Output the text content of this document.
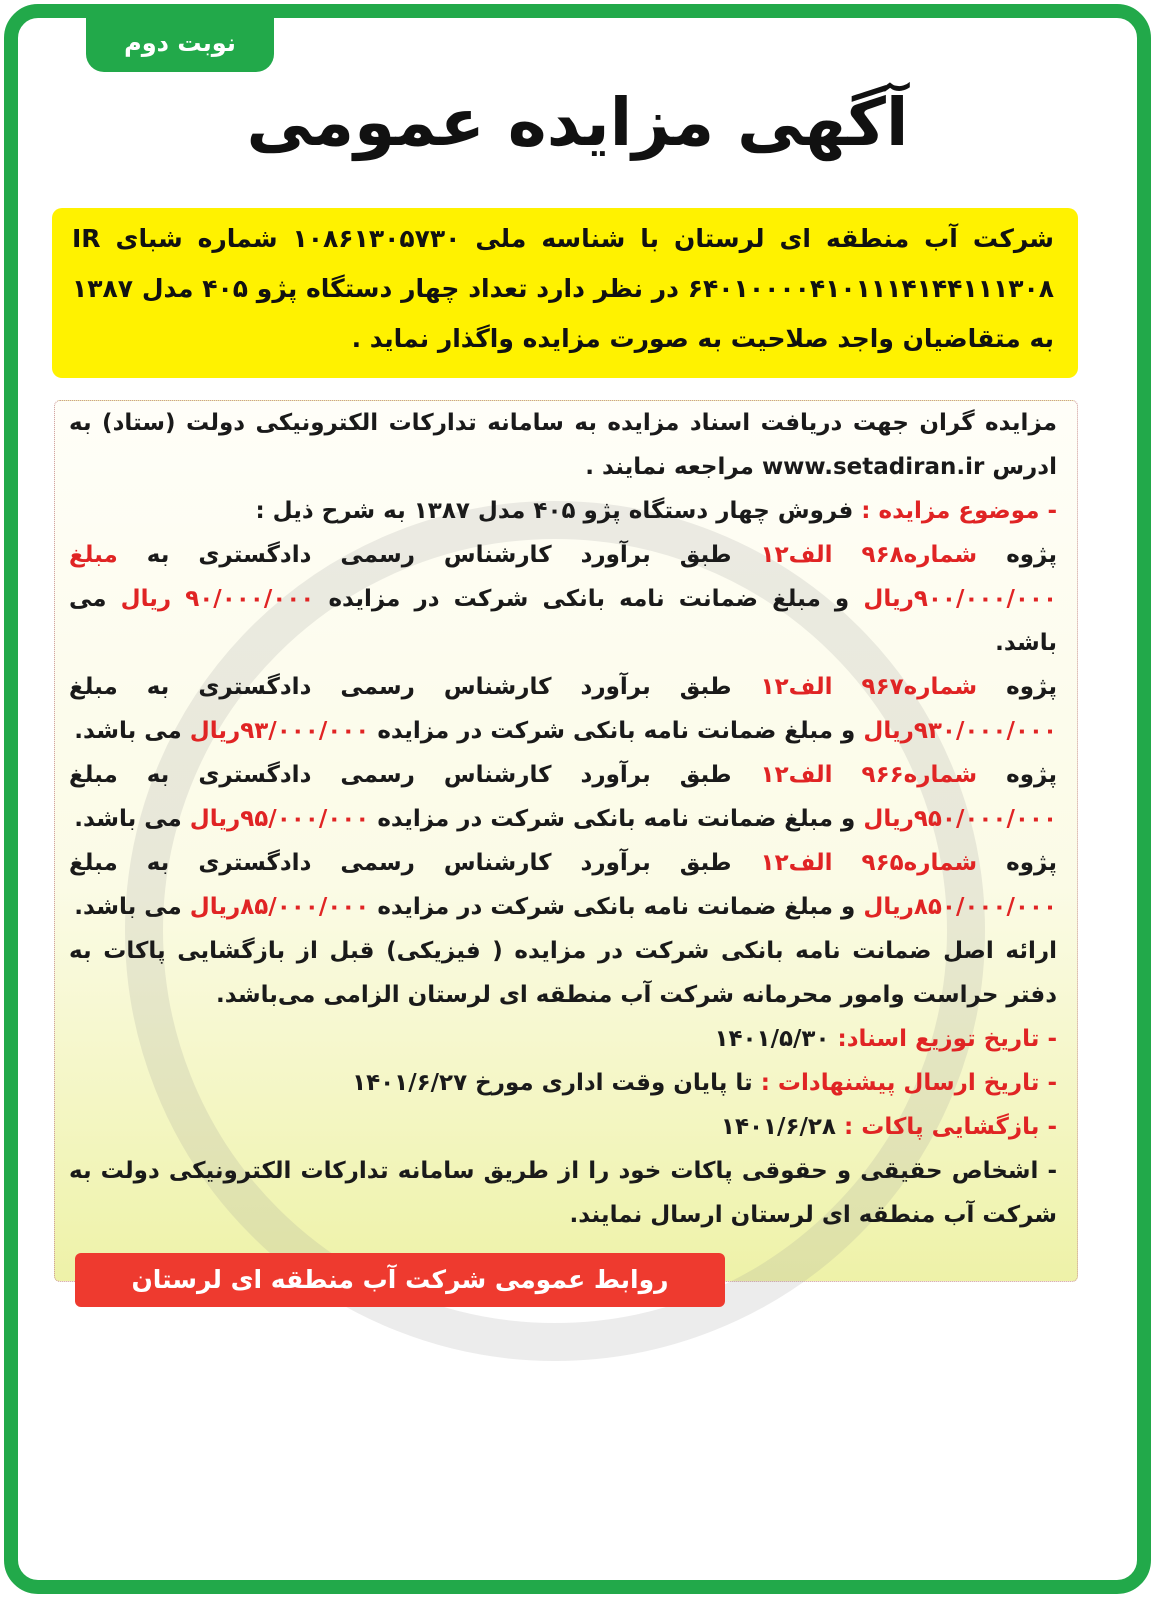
نوبت دوم
آگهی مزایده عمومی
شرکت آب منطقه ای لرستان با شناسه ملی ۱۰۸۶۱۳۰۵۷۳۰ شماره شبای IR ۶۴۰۱۰۰۰۰۴۱۰۱۱۱۴۱۴۴۱۱۱۳۰۸ در نظر دارد تعداد چهار دستگاه پژو ۴۰۵ مدل ۱۳۸۷ به متقاضیان واجد صلاحیت به صورت مزایده واگذار نماید .

مزایده گران جهت دریافت اسناد مزایده به سامانه تدارکات الکترونیکی دولت (ستاد) به ادرس www.setadiran.ir مراجعه نمایند .

- موضوع مزایده : فروش چهار دستگاه پژو ۴۰۵ مدل ۱۳۸۷ به شرح ذیل :

پژوه شماره۹۶۸ الف۱۲ طبق برآورد کارشناس رسمی دادگستری به مبلغ ۹۰۰/۰۰۰/۰۰۰ریال و مبلغ ضمانت نامه بانکی شرکت در مزایده ۹۰/۰۰۰/۰۰۰ ریال می باشد.

پژوه شماره۹۶۷ الف۱۲ طبق برآورد کارشناس رسمی دادگستری به مبلغ ۹۳۰/۰۰۰/۰۰۰ریال و مبلغ ضمانت نامه بانکی شرکت در مزایده ۹۳/۰۰۰/۰۰۰ریال می باشد.

پژوه شماره۹۶۶ الف۱۲ طبق برآورد کارشناس رسمی دادگستری به مبلغ ۹۵۰/۰۰۰/۰۰۰ریال و مبلغ ضمانت نامه بانکی شرکت در مزایده ۹۵/۰۰۰/۰۰۰ریال می باشد.

پژوه شماره۹۶۵ الف۱۲ طبق برآورد کارشناس رسمی دادگستری به مبلغ ۸۵۰/۰۰۰/۰۰۰ریال و مبلغ ضمانت نامه بانکی شرکت در مزایده ۸۵/۰۰۰/۰۰۰ریال می باشد.

ارائه اصل ضمانت نامه بانکی شرکت در مزایده ( فیزیکی) قبل از بازگشایی پاکات به دفتر حراست وامور محرمانه شرکت آب منطقه ای لرستان الزامی می‌باشد.

- تاریخ توزیع اسناد: ۱۴۰۱/۵/۳۰

- تاریخ ارسال پیشنهادات : تا پایان وقت اداری مورخ ۱۴۰۱/۶/۲۷

- بازگشایی پاکات : ۱۴۰۱/۶/۲۸

- اشخاص حقیقی و حقوقی پاکات خود را از طریق سامانه تدارکات الکترونیکی دولت به شرکت آب منطقه ای لرستان ارسال نمایند.

روابط عمومی شرکت آب منطقه ای لرستان
